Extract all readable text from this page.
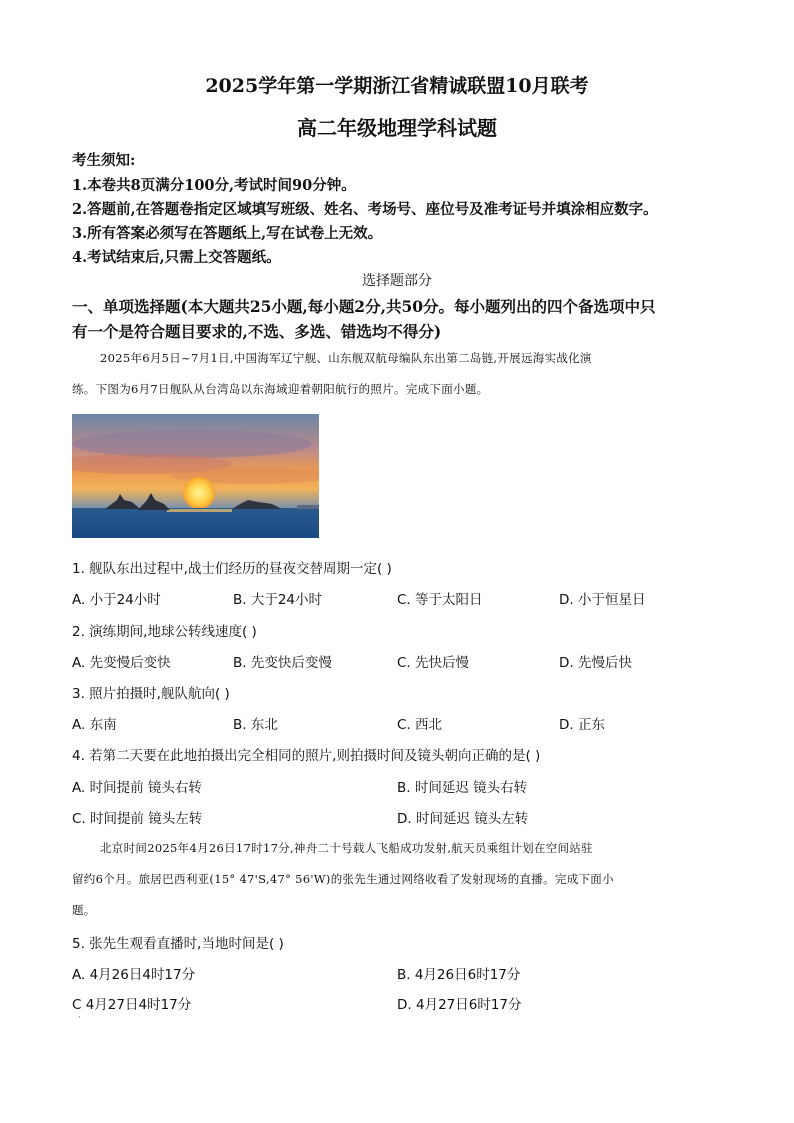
2025学年第一学期浙江省精诚联盟10月联考
高二年级地理学科试题
考生须知:
1.本卷共8页满分100分,考试时间90分钟。
2.答题前,在答题卷指定区域填写班级、姓名、考场号、座位号及准考证号并填涂相应数字。
3.所有答案必须写在答题纸上,写在试卷上无效。
4.考试结束后,只需上交答题纸。
选择题部分
一、单项选择题(本大题共25小题,每小题2分,共50分。每小题列出的四个备选项中只
有一个是符合题目要求的,不选、多选、错选均不得分)
2025年6月5日~7月1日,中国海军辽宁舰、山东舰双航母编队东出第二岛链,开展远海实战化演
练。下图为6月7日舰队从台湾岛以东海域迎着朝阳航行的照片。完成下面小题。
1. 舰队东出过程中,战士们经历的昼夜交替周期一定( )
A. 小于24小时	B. 大于24小时	C. 等于太阳日	D. 小于恒星日
2. 演练期间,地球公转线速度( )
A. 先变慢后变快	B. 先变快后变慢	C. 先快后慢	D. 先慢后快
3. 照片拍摄时,舰队航向( )
A. 东南	B. 东北	C. 西北	D. 正东
4. 若第二天要在此地拍摄出完全相同的照片,则拍摄时间及镜头朝向正确的是( )
A. 时间提前 镜头右转	B. 时间延迟 镜头右转
C. 时间提前 镜头左转	D. 时间延迟 镜头左转
北京时间2025年4月26日17时17分,神舟二十号载人飞船成功发射,航天员乘组计划在空间站驻
留约6个月。旅居巴西利亚(15° 47'S,47° 56'W)的张先生通过网络收看了发射现场的直播。完成下面小
题。
5. 张先生观看直播时,当地时间是( )
A. 4月26日4时17分	B. 4月26日6时17分
C 4月27日4时17分	D. 4月27日6时17分
·
